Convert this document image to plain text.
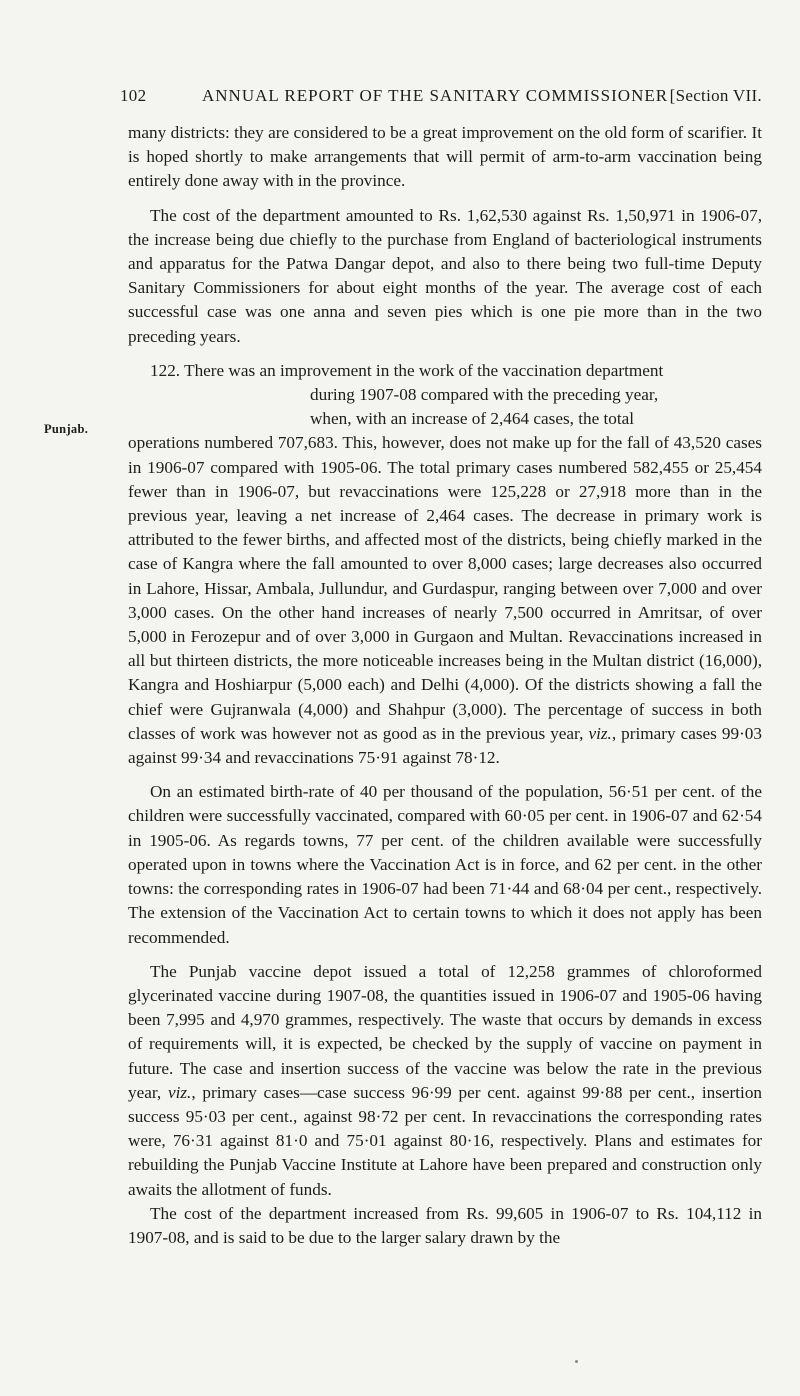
102	ANNUAL REPORT OF THE SANITARY COMMISSIONER [Section VII.
Punjab.

many districts: they are considered to be a great improvement on the old form of scarifier. It is hoped shortly to make arrangements that will permit of arm-to-arm vaccination being entirely done away with in the province.

The cost of the department amounted to Rs. 1,62,530 against Rs. 1,50,971 in 1906-07, the increase being due chiefly to the purchase from England of bacteriological instruments and apparatus for the Patwa Dangar depot, and also to there being two full-time Deputy Sanitary Commissioners for about eight months of the year. The average cost of each successful case was one anna and seven pies which is one pie more than in the two preceding years.

122. There was an improvement in the work of the vaccination department
during 1907-08 compared with the preceding year,
when, with an increase of 2,464 cases, the total
operations numbered 707,683. This, however, does not make up for the fall of 43,520 cases in 1906-07 compared with 1905-06. The total primary cases numbered 582,455 or 25,454 fewer than in 1906-07, but revaccinations were 125,228 or 27,918 more than in the previous year, leaving a net increase of 2,464 cases. The decrease in primary work is attributed to the fewer births, and affected most of the districts, being chiefly marked in the case of Kangra where the fall amounted to over 8,000 cases; large decreases also occurred in Lahore, Hissar, Ambala, Jullundur, and Gurdaspur, ranging between over 7,000 and over 3,000 cases. On the other hand increases of nearly 7,500 occurred in Amritsar, of over 5,000 in Ferozepur and of over 3,000 in Gurgaon and Multan. Revaccinations increased in all but thirteen districts, the more noticeable increases being in the Multan district (16,000), Kangra and Hoshiarpur (5,000 each) and Delhi (4,000). Of the districts showing a fall the chief were Gujranwala (4,000) and Shahpur (3,000). The percentage of success in both classes of work was however not as good as in the previous year, viz., primary cases 99·03 against 99·34 and revaccinations 75·91 against 78·12.

On an estimated birth-rate of 40 per thousand of the population, 56·51 per cent. of the children were successfully vaccinated, compared with 60·05 per cent. in 1906-07 and 62·54 in 1905-06. As regards towns, 77 per cent. of the children available were successfully operated upon in towns where the Vaccination Act is in force, and 62 per cent. in the other towns: the corresponding rates in 1906-07 had been 71·44 and 68·04 per cent., respectively. The extension of the Vaccination Act to certain towns to which it does not apply has been recommended.

The Punjab vaccine depot issued a total of 12,258 grammes of chloroformed glycerinated vaccine during 1907-08, the quantities issued in 1906-07 and 1905-06 having been 7,995 and 4,970 grammes, respectively. The waste that occurs by demands in excess of requirements will, it is expected, be checked by the supply of vaccine on payment in future. The case and insertion success of the vaccine was below the rate in the previous year, viz., primary cases—case success 96·99 per cent. against 99·88 per cent., insertion success 95·03 per cent., against 98·72 per cent. In revaccinations the corresponding rates were, 76·31 against 81·0 and 75·01 against 80·16, respectively. Plans and estimates for rebuilding the Punjab Vaccine Institute at Lahore have been prepared and construction only awaits the allotment of funds.

The cost of the department increased from Rs. 99,605 in 1906-07 to Rs. 104,112 in 1907-08, and is said to be due to the larger salary drawn by the
